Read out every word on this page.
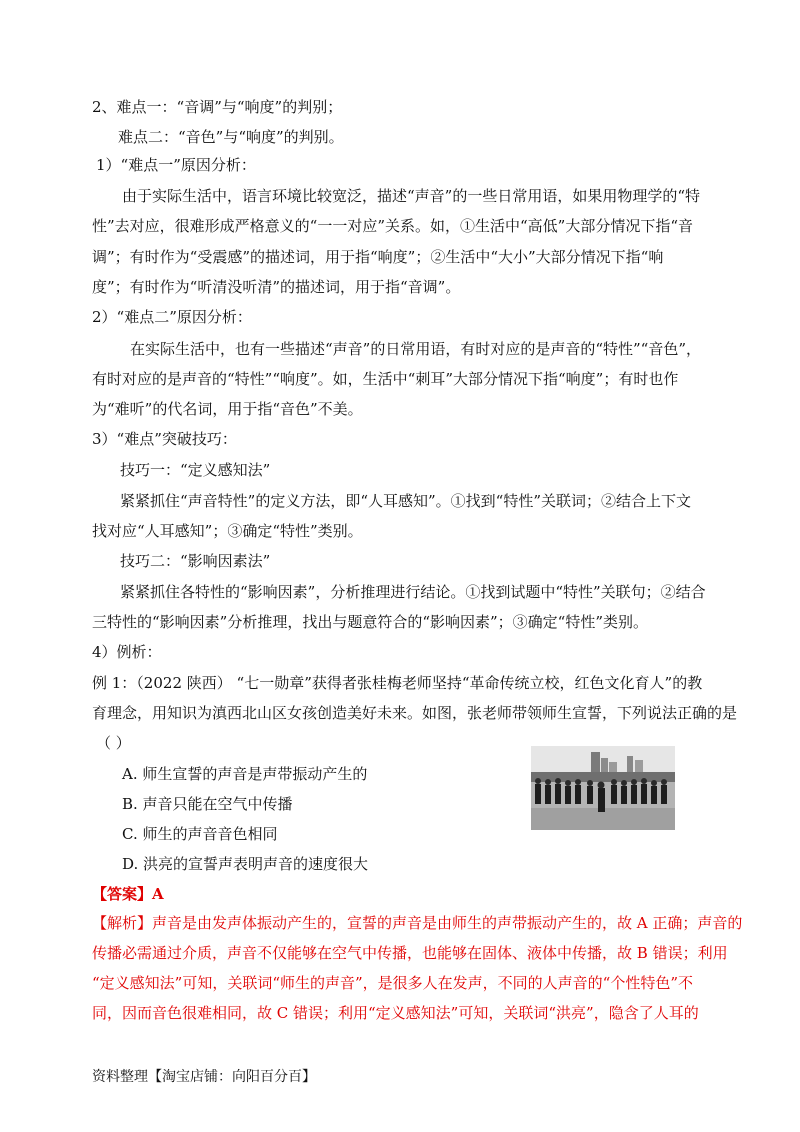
2、难点一：“音调”与“响度”的判别；
难点二：“音色”与“响度”的判别。
1）“难点一”原因分析：
由于实际生活中，语言环境比较宽泛，描述“声音”的一些日常用语，如果用物理学的“特
性”去对应，很难形成严格意义的“一一对应”关系。如，①生活中“高低”大部分情况下指“音
调”；有时作为“受震感”的描述词，用于指“响度”；②生活中“大小”大部分情况下指“响
度”；有时作为“听清没听清”的描述词，用于指“音调”。
2）“难点二”原因分析：
在实际生活中，也有一些描述“声音”的日常用语，有时对应的是声音的“特性”“音色”，
有时对应的是声音的“特性”“响度”。如，生活中“刺耳”大部分情况下指“响度”；有时也作
为“难听”的代名词，用于指“音色”不美。
3）“难点”突破技巧：
技巧一：“定义感知法”
紧紧抓住“声音特性”的定义方法，即“人耳感知”。①找到“特性”关联词；②结合上下文
找对应“人耳感知”；③确定“特性”类别。
技巧二：“影响因素法”
紧紧抓住各特性的“影响因素”，分析推理进行结论。①找到试题中“特性”关联句；②结合
三特性的“影响因素”分析推理，找出与题意符合的“影响因素”；③确定“特性”类别。
4）例析：
例 1：（2022 陕西） “七一勋章”获得者张桂梅老师坚持“革命传统立校，红色文化育人”的教
育理念，用知识为滇西北山区女孩创造美好未来。如图，张老师带领师生宣誓，下列说法正确的是
（ ）
A. 师生宣誓的声音是声带振动产生的
B. 声音只能在空气中传播
C. 师生的声音音色相同
D. 洪亮的宣誓声表明声音的速度很大
【答案】A
【解析】声音是由发声体振动产生的，宣誓的声音是由师生的声带振动产生的，故 A 正确；声音的
传播必需通过介质，声音不仅能够在空气中传播，也能够在固体、液体中传播，故 B 错误；利用
“定义感知法”可知，关联词“师生的声音”，是很多人在发声，不同的人声音的“个性特色”不
同，因而音色很难相同，故 C 错误；利用“定义感知法”可知，关联词“洪亮”，隐含了人耳的
资料整理【淘宝店铺：向阳百分百】
